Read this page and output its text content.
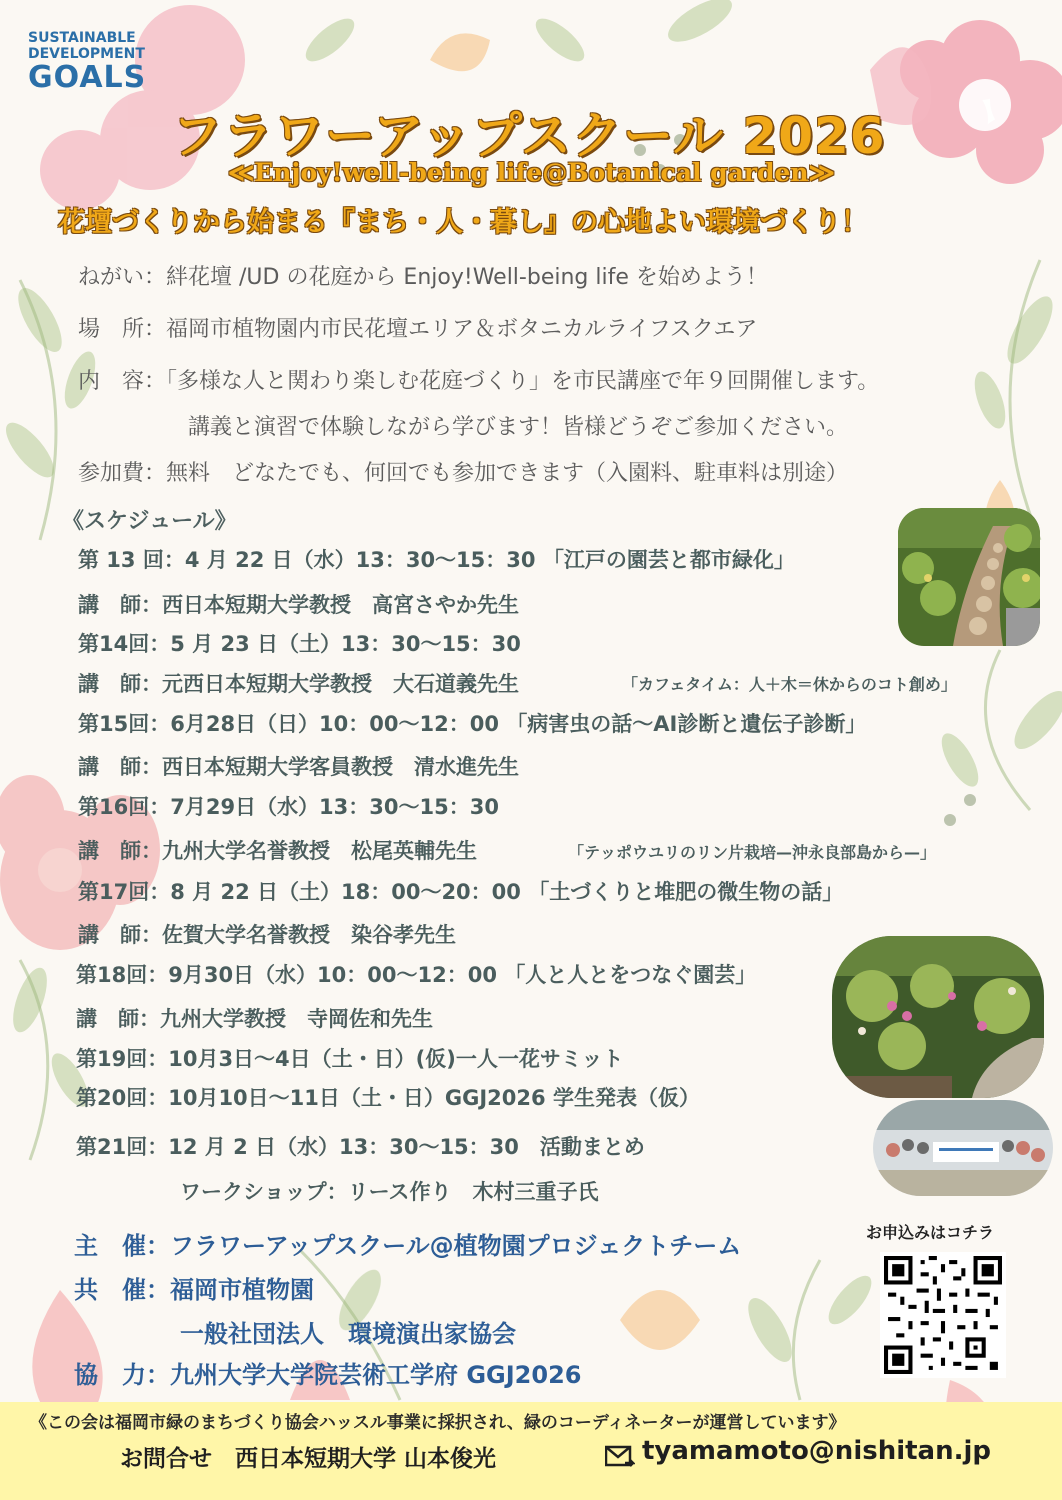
SUSTAINABLE
DEVELOPMENT
GOALS
フラワーアップスクール 2026
≪Enjoy!well-being life@Botanical garden≫
花壇づくりから始まる『まち・人・暮し』の心地よい環境づくり！
ねがい：絆花壇 /UD の花庭から Enjoy!Well-being life を始めよう！
場　所：福岡市植物園内市民花壇エリア＆ボタニカルライフスクエア
内　容：「多様な人と関わり楽しむ花庭づくり」を市民講座で年９回開催します。
講義と演習で体験しながら学びます！皆様どうぞご参加ください。
参加費：無料　どなたでも、何回でも参加できます（入園料、駐車料は別途）
《スケジュール》
第 13 回：4 月 22 日（水）13：30〜15：30 「江戸の園芸と都市緑化」
講　師：西日本短期大学教授　高宮さやか先生
第14回：5 月 23 日（土）13：30〜15：30
講　師：元西日本短期大学教授　大石道義先生	「カフェタイム：人＋木＝休からのコト創め」
第15回：6月28日（日）10：00〜12：00 「病害虫の話〜AI診断と遺伝子診断」
講　師：西日本短期大学客員教授　清水進先生
第16回：7月29日（水）13：30〜15：30
講　師：九州大学名誉教授　松尾英輔先生	「テッポウユリのリン片栽培—沖永良部島から—」
第17回：8 月 22 日（土）18：00〜20：00 「土づくりと堆肥の微生物の話」
講　師：佐賀大学名誉教授　染谷孝先生
第18回：9月30日（水）10：00〜12：00 「人と人とをつなぐ園芸」
講　師：九州大学教授　寺岡佐和先生
第19回：10月3日〜4日（土・日）(仮)一人一花サミット
第20回：10月10日〜11日（土・日）GGJ2026 学生発表（仮）
第21回：12 月 2 日（水）13：30〜15：30　活動まとめ
ワークショップ：リース作り　木村三重子氏
主　催：フラワーアップスクール@植物園プロジェクトチーム
共　催：福岡市植物園
一般社団法人　環境演出家協会
協　力：九州大学大学院芸術工学府 GGJ2026
お申込みはコチラ
《この会は福岡市緑のまちづくり協会ハッスル事業に採択され、緑のコーディネーターが運営しています》
お問合せ　西日本短期大学 山本俊光	tyamamoto@nishitan.jp
